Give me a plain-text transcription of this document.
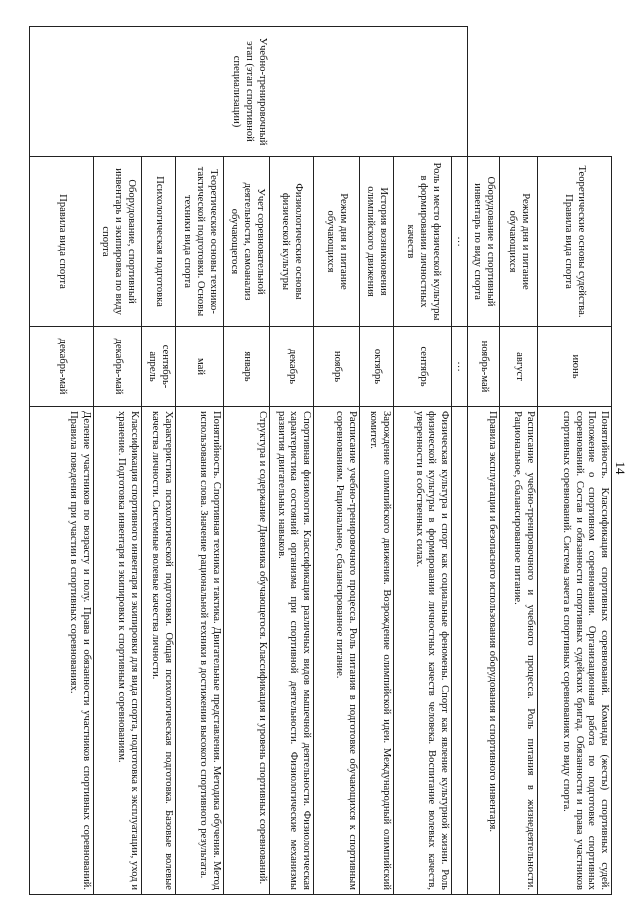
14
	Теоретические основы судейства. Правила вида спорта	июнь	Понятийность. Классификация спортивных соревнований. Команды (жесты) спортивных судей. Положение о спортивном соревновании. Организационная работа по подготовке спортивных соревнований. Состав и обязанности спортивных судейских бригад. Обязанности и права участников спортивных соревнований. Система зачета в спортивных соревнованиях по виду спорта.
	Режим дня и питание обучающихся	август	Расписание учебно-тренировочного и учебного процесса. Роль питания в жизнедеятельности. Рациональное, сбалансированное питание.
	Оборудование и спортивный инвентарь по виду спорта	ноябрь-май	Правила эксплуатации и безопасного использования оборудования и спортивного инвентаря.
Учебно-тренировочный этап (этап спортивной специализации)	…	…	
	Роль и место физической культуры в формировании личностных качеств	сентябрь	Физическая культура и спорт как социальные феномены. Спорт как явление культурной жизни. Роль физической культуры в формировании личностных качеств человека. Воспитание волевых качеств, уверенности в собственных силах.
	История возникновения олимпийского движения	октябрь	Зарождение олимпийского движения. Возрождение олимпийской идеи. Международный олимпийский комитет.
	Режим дня и питание обучающихся	ноябрь	Расписание учебно-тренировочного процесса. Роль питания в подготовке обучающихся к спортивным соревнованиям. Рациональное, сбалансированное питание.
	Физиологические основы физической культуры	декабрь	Спортивная физиология. Классификация различных видов мышечной деятельности. Физиологическая характеристика состояний организма при спортивной деятельности. Физиологические механизмы развития двигательных навыков.
	Учет соревновательной деятельности, самоанализ обучающегося	январь	Структура и содержание Дневника обучающегося. Классификация и уровень спортивных соревнований.
	Теоретические основы технико-тактической подготовки. Основы техники вида спорта	май	Понятийность. Спортивная техника и тактика. Двигательные представления. Методика обучения. Метод использования слова. Значение рациональной техники в достижении высокого спортивного результата.
	Психологическая подготовка	сентябрь-апрель	Характеристика психологической подготовки. Общая психологическая подготовка. Базовые волевые качества личности. Системные волевые качества личности.
	Оборудование, спортивный инвентарь и экипировка по виду спорта	декабрь-май	Классификация спортивного инвентаря и экипировки для вида спорта, подготовка к эксплуатации, уход и хранение. Подготовка инвентаря и экипировки к спортивным соревнованиям.
	Правила вида спорта	декабрь-май	Деление участников по возрасту и полу. Права и обязанности участников спортивных соревнований. Правила поведения при участии в спортивных соревнованиях.
